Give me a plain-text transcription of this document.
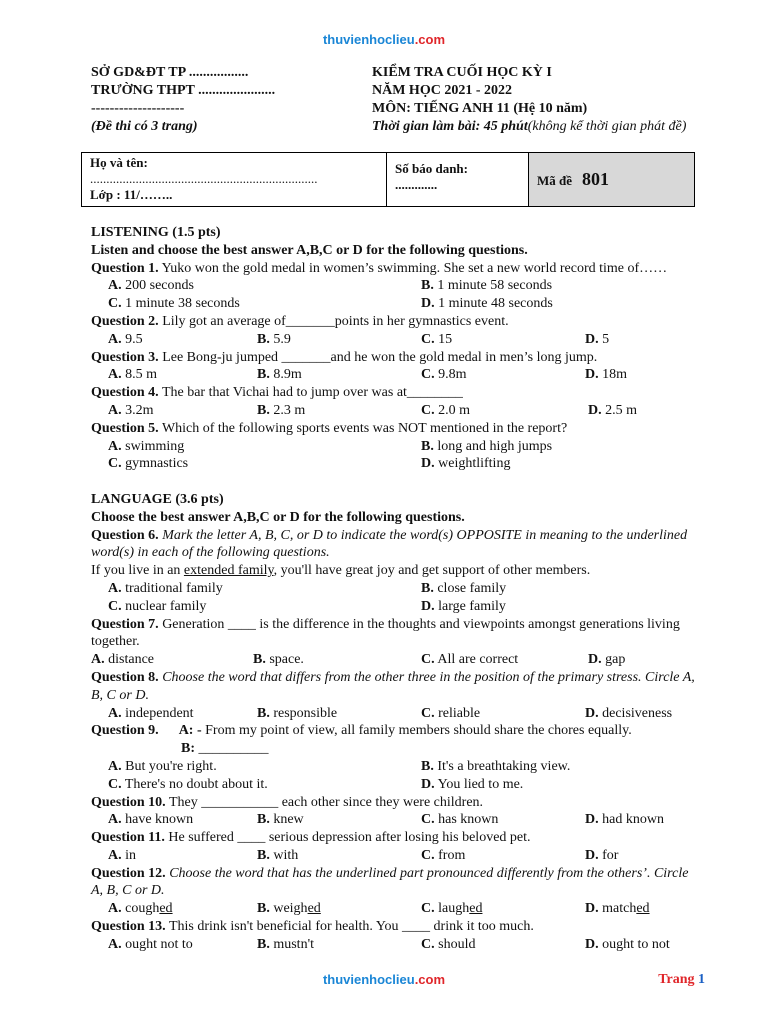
thuvienhoclieu.com
SỞ GD&ĐT TP .................
TRƯỜNG THPT ......................
--------------------
(Đề thi có 3 trang)
KIỂM TRA CUỐI HỌC KỲ I
NĂM HỌC 2021 - 2022
MÔN: TIẾNG ANH 11 (Hệ 10 năm)
Thời gian làm bài: 45 phút(không kể thời gian phát đề)
Họ và tên:
......................................................................
Lớp : 11/……..

Số báo danh:
.............	Mã đề 801
LISTENING (1.5 pts)
Listen and choose the best answer A,B,C or D for the following questions.
Question 1. Yuko won the gold medal in women’s swimming. She set a new world record time of……
A. 200 seconds	B. 1 minute 58 seconds
C. 1 minute 38 seconds	D. 1 minute 48 seconds
Question 2. Lily got an average of_______points in her gymnastics event.
A. 9.5	B. 5.9	C. 15	D. 5
Question 3. Lee Bong-ju jumped _______and he won the gold medal in men’s long jump.
A. 8.5 m	B. 8.9m	C. 9.8m	D. 18m
Question 4. The bar that Vichai had to jump over was at________
A. 3.2m	B. 2.3 m	C. 2.0 m	D. 2.5 m
Question 5. Which of the following sports events was NOT mentioned in the report?
A. swimming	B. long and high jumps
C. gymnastics	D. weightlifting
LANGUAGE (3.6 pts)
Choose the best answer A,B,C or D for the following questions.
Question 6. Mark the letter A, B, C, or D to indicate the word(s) OPPOSITE in meaning to the underlined word(s) in each of the following questions.
If you live in an extended family, you'll have great joy and get support of other members.
A. traditional family	B. close family
C. nuclear family	D. large family
Question 7. Generation ____ is the difference in the thoughts and viewpoints amongst generations living together.
A. distance	B. space.	C. All are correct	D. gap
Question 8. Choose the word that differs from the other three in the position of the primary stress. Circle A, B, C or D.
A. independent	B. responsible	C. reliable	D. decisiveness
Question 9. A: - From my point of view, all family members should share the chores equally.
B: __________
A. But you're right.	B. It's a breathtaking view.
C. There's no doubt about it.	D. You lied to me.
Question 10. They ___________ each other since they were children.
A. have known	B. knew	C. has known	D. had known
Question 11. He suffered ____ serious depression after losing his beloved pet.
A. in	B. with	C. from	D. for
Question 12. Choose the word that has the underlined part pronounced differently from the others’. Circle A, B, C or D.
A. coughed	B. weighed	C. laughed	D. matched
Question 13. This drink isn't beneficial for health. You ____ drink it too much.
A. ought not to	B. mustn't	C. should	D. ought to not
thuvienhoclieu.com	Trang 1
